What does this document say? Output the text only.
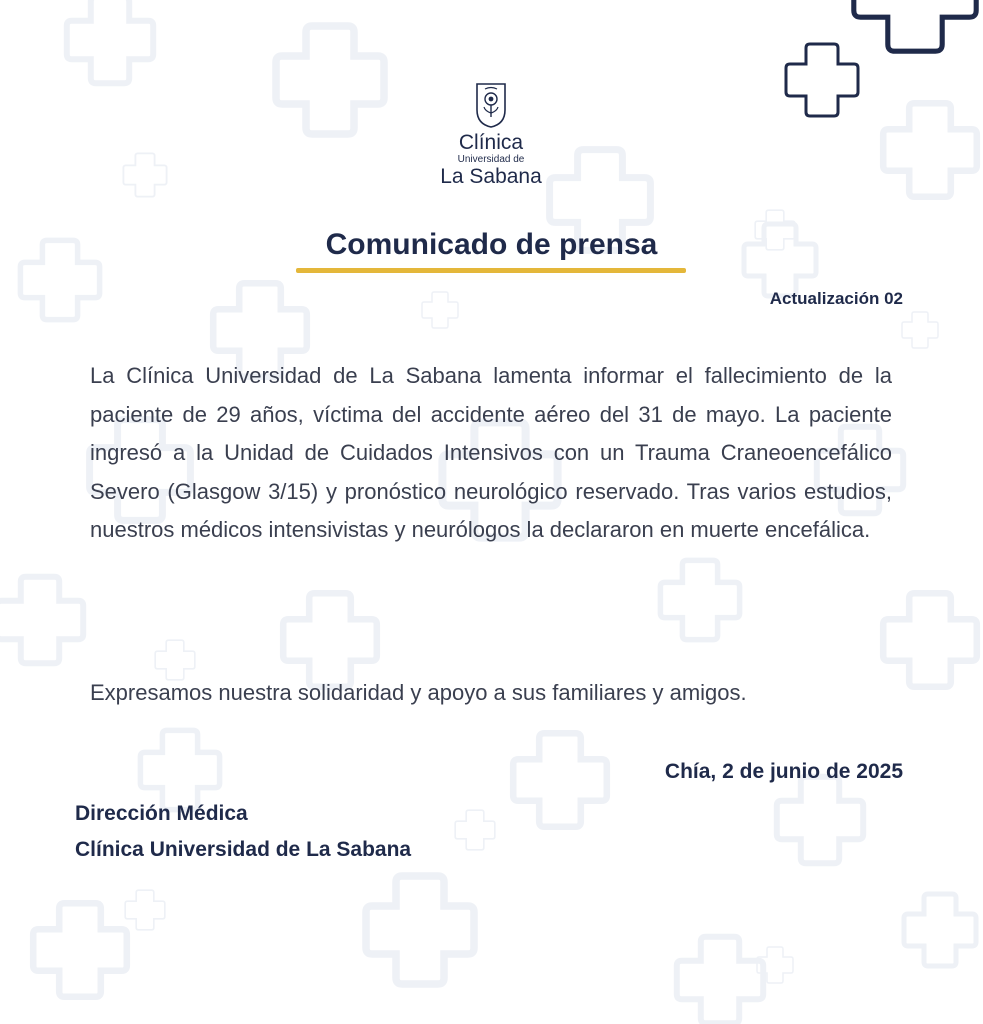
Clínica
Universidad de
La Sabana
Comunicado de prensa
Actualización 02

La Clínica Universidad de La Sabana lamenta informar el fallecimiento de la paciente de 29 años, víctima del accidente aéreo del 31 de mayo. La paciente ingresó a la Unidad de Cuidados Intensivos con un Trauma Craneoencefálico Severo (Glasgow 3/15) y pronóstico neurológico reservado. Tras varios estudios, nuestros médicos intensivistas y neurólogos la declararon en muerte encefálica.

Expresamos nuestra solidaridad y apoyo a sus familiares y amigos.

Chía, 2 de junio de 2025
Dirección Médica
Clínica Universidad de La Sabana
